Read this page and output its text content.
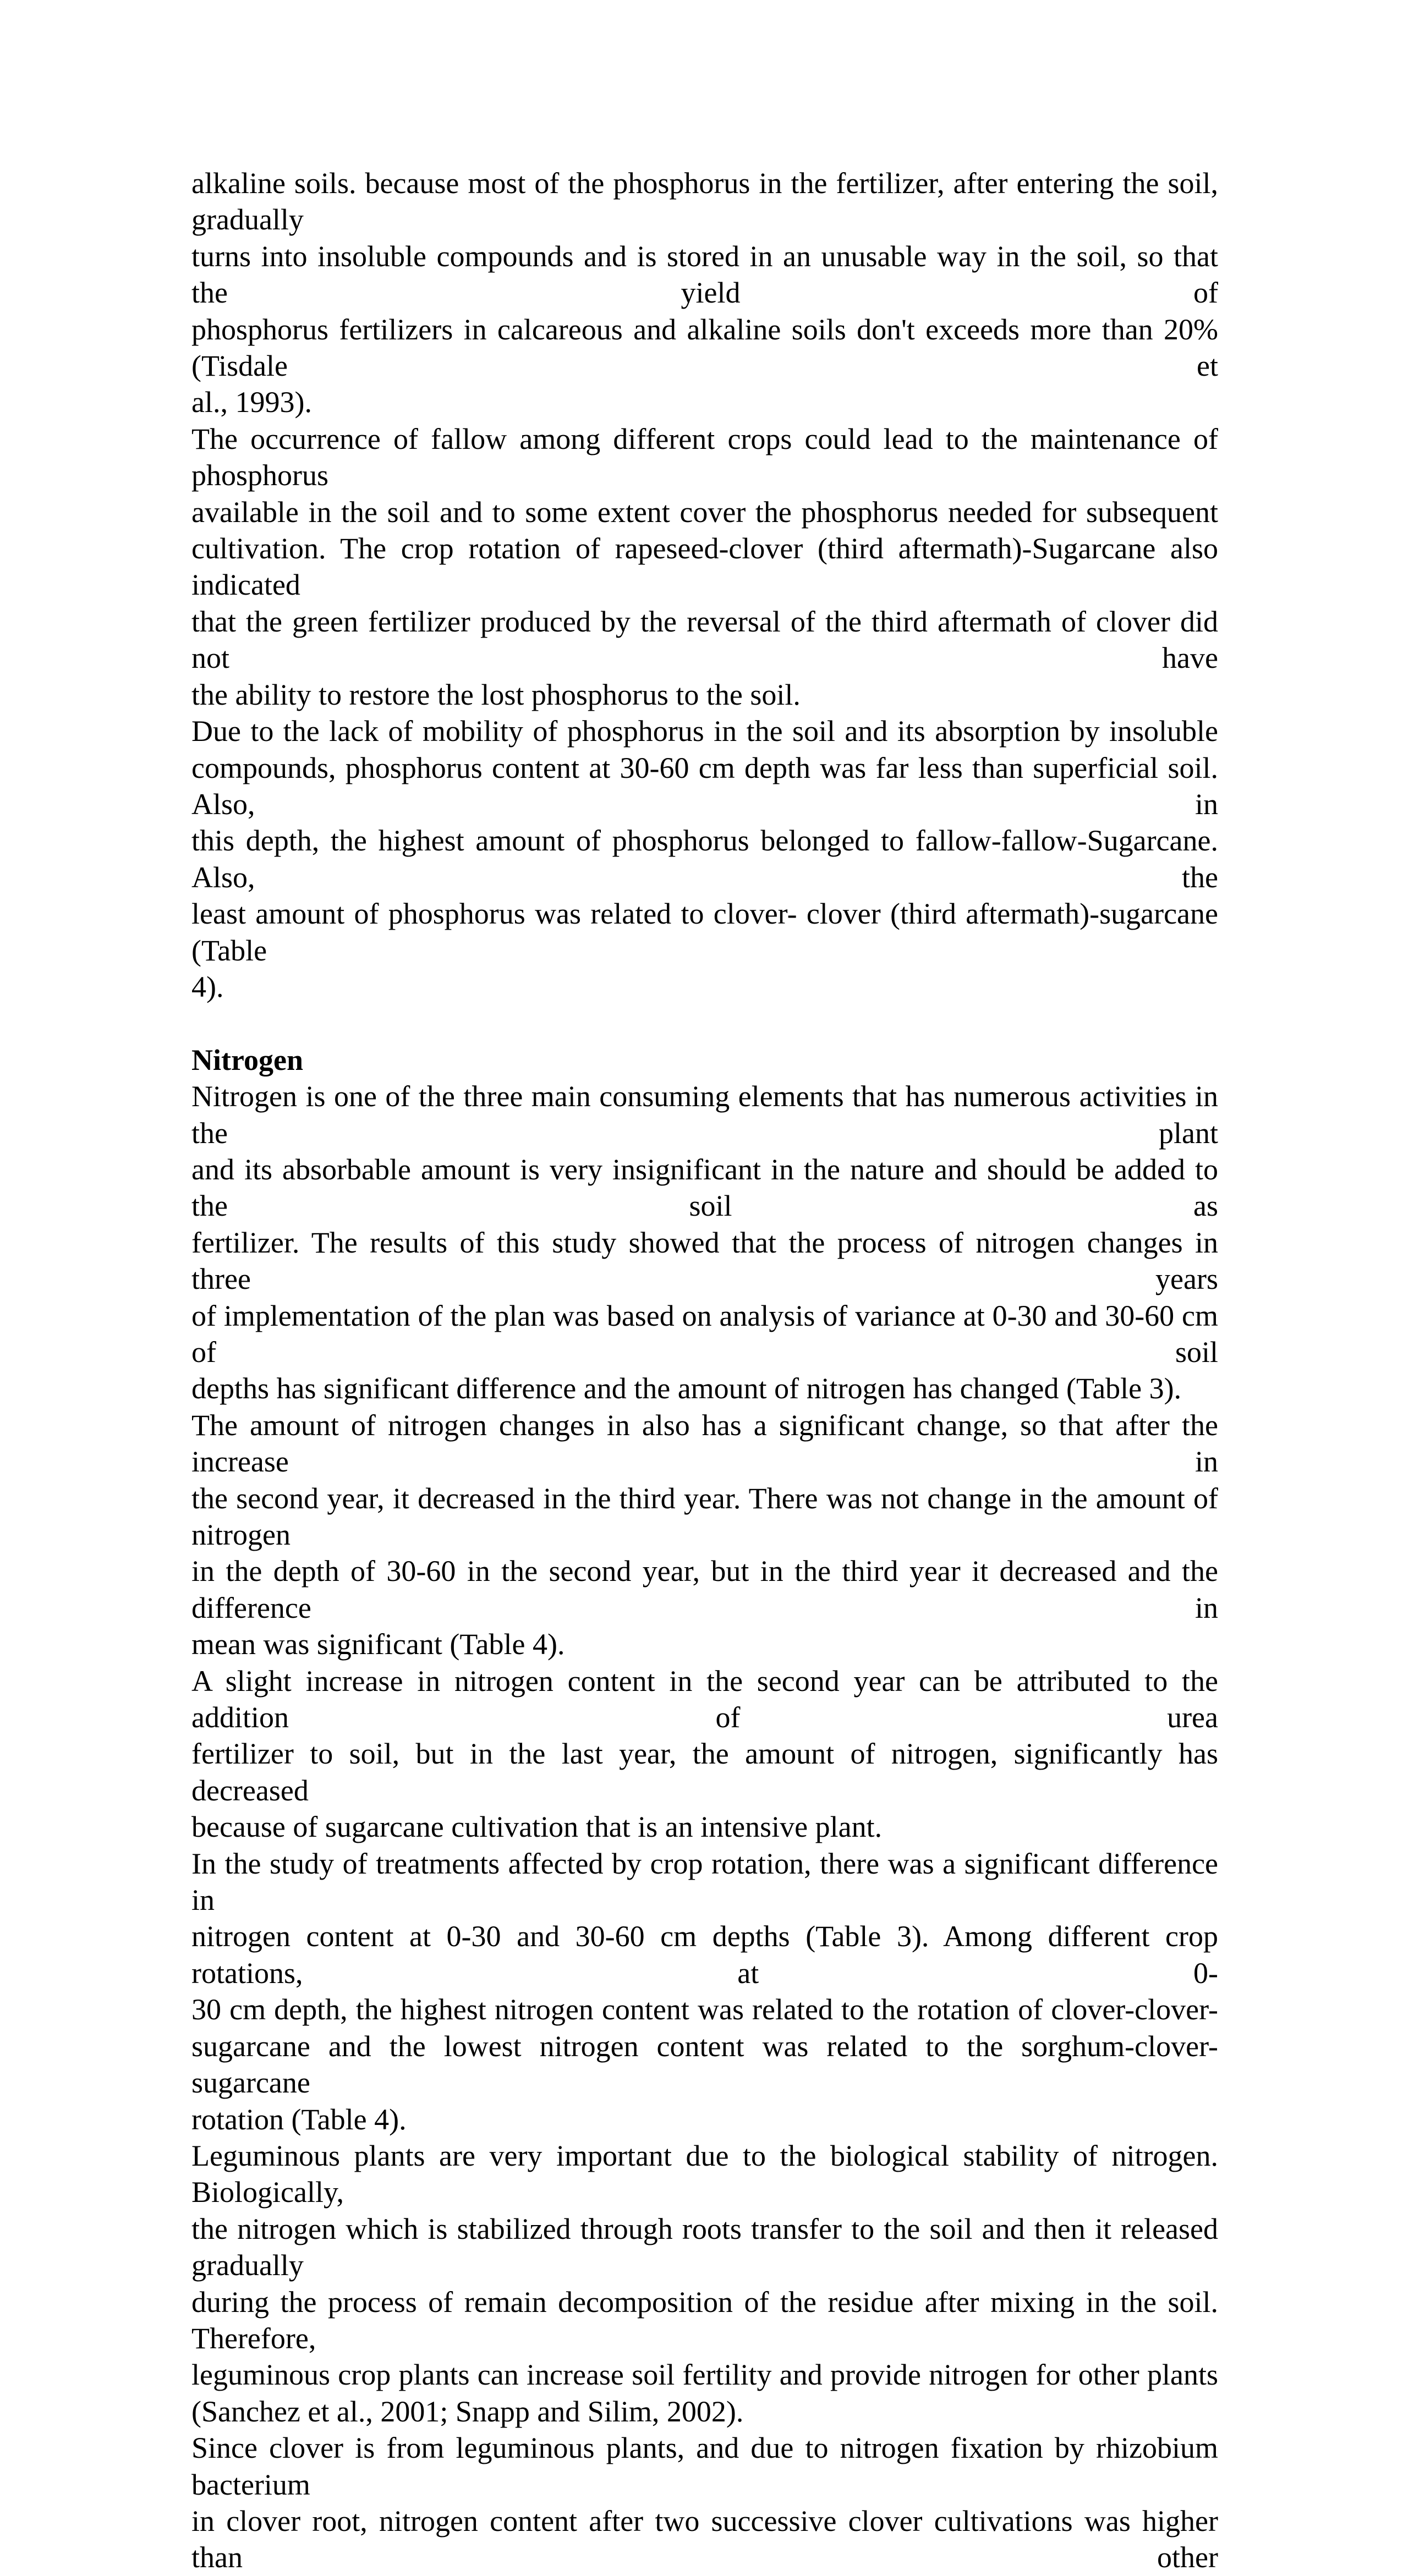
alkaline soils. because most of the phosphorus in the fertilizer, after entering the soil, gradually
turns into insoluble compounds and is stored in an unusable way in the soil, so that the yield of
phosphorus fertilizers in calcareous and alkaline soils don't exceeds more than 20% (Tisdale et
al., 1993).
The occurrence of fallow among different crops could lead to the maintenance of phosphorus
available in the soil and to some extent cover the phosphorus needed for subsequent
cultivation. The crop rotation of rapeseed-clover (third aftermath)-Sugarcane also indicated
that the green fertilizer produced by the reversal of the third aftermath of clover did not have
the ability to restore the lost phosphorus to the soil.
Due to the lack of mobility of phosphorus in the soil and its absorption by insoluble
compounds, phosphorus content at 30-60 cm depth was far less than superficial soil. Also, in
this depth, the highest amount of phosphorus belonged to fallow-fallow-Sugarcane. Also, the
least amount of phosphorus was related to clover- clover (third aftermath)-sugarcane (Table
4).
Nitrogen
Nitrogen is one of the three main consuming elements that has numerous activities in the plant
and its absorbable amount is very insignificant in the nature and should be added to the soil as
fertilizer. The results of this study showed that the process of nitrogen changes in three years
of implementation of the plan was based on analysis of variance at 0-30 and 30-60 cm of soil
depths has significant difference and the amount of nitrogen has changed (Table 3).
The amount of nitrogen changes in also has a significant change, so that after the increase in
the second year, it decreased in the third year. There was not change in the amount of nitrogen
in the depth of 30-60 in the second year, but in the third year it decreased and the difference in
mean was significant (Table 4).
A slight increase in nitrogen content in the second year can be attributed to the addition of urea
fertilizer to soil, but in the last year, the amount of nitrogen, significantly has decreased
because of sugarcane cultivation that is an intensive plant.
In the study of treatments affected by crop rotation, there was a significant difference in
nitrogen content at 0-30 and 30-60 cm depths (Table 3). Among different crop rotations, at 0-
30 cm depth, the highest nitrogen content was related to the rotation of clover-clover-
sugarcane and the lowest nitrogen content was related to the sorghum-clover-sugarcane
rotation (Table 4).
Leguminous plants are very important due to the biological stability of nitrogen. Biologically,
the nitrogen which is stabilized through roots transfer to the soil and then it released gradually
during the process of remain decomposition of the residue after mixing in the soil. Therefore,
leguminous crop plants can increase soil fertility and provide nitrogen for other plants
(Sanchez et al., 2001; Snapp and Silim, 2002).
Since clover is from leguminous plants, and due to nitrogen fixation by rhizobium bacterium
in clover root, nitrogen content after two successive clover cultivations was higher than other
